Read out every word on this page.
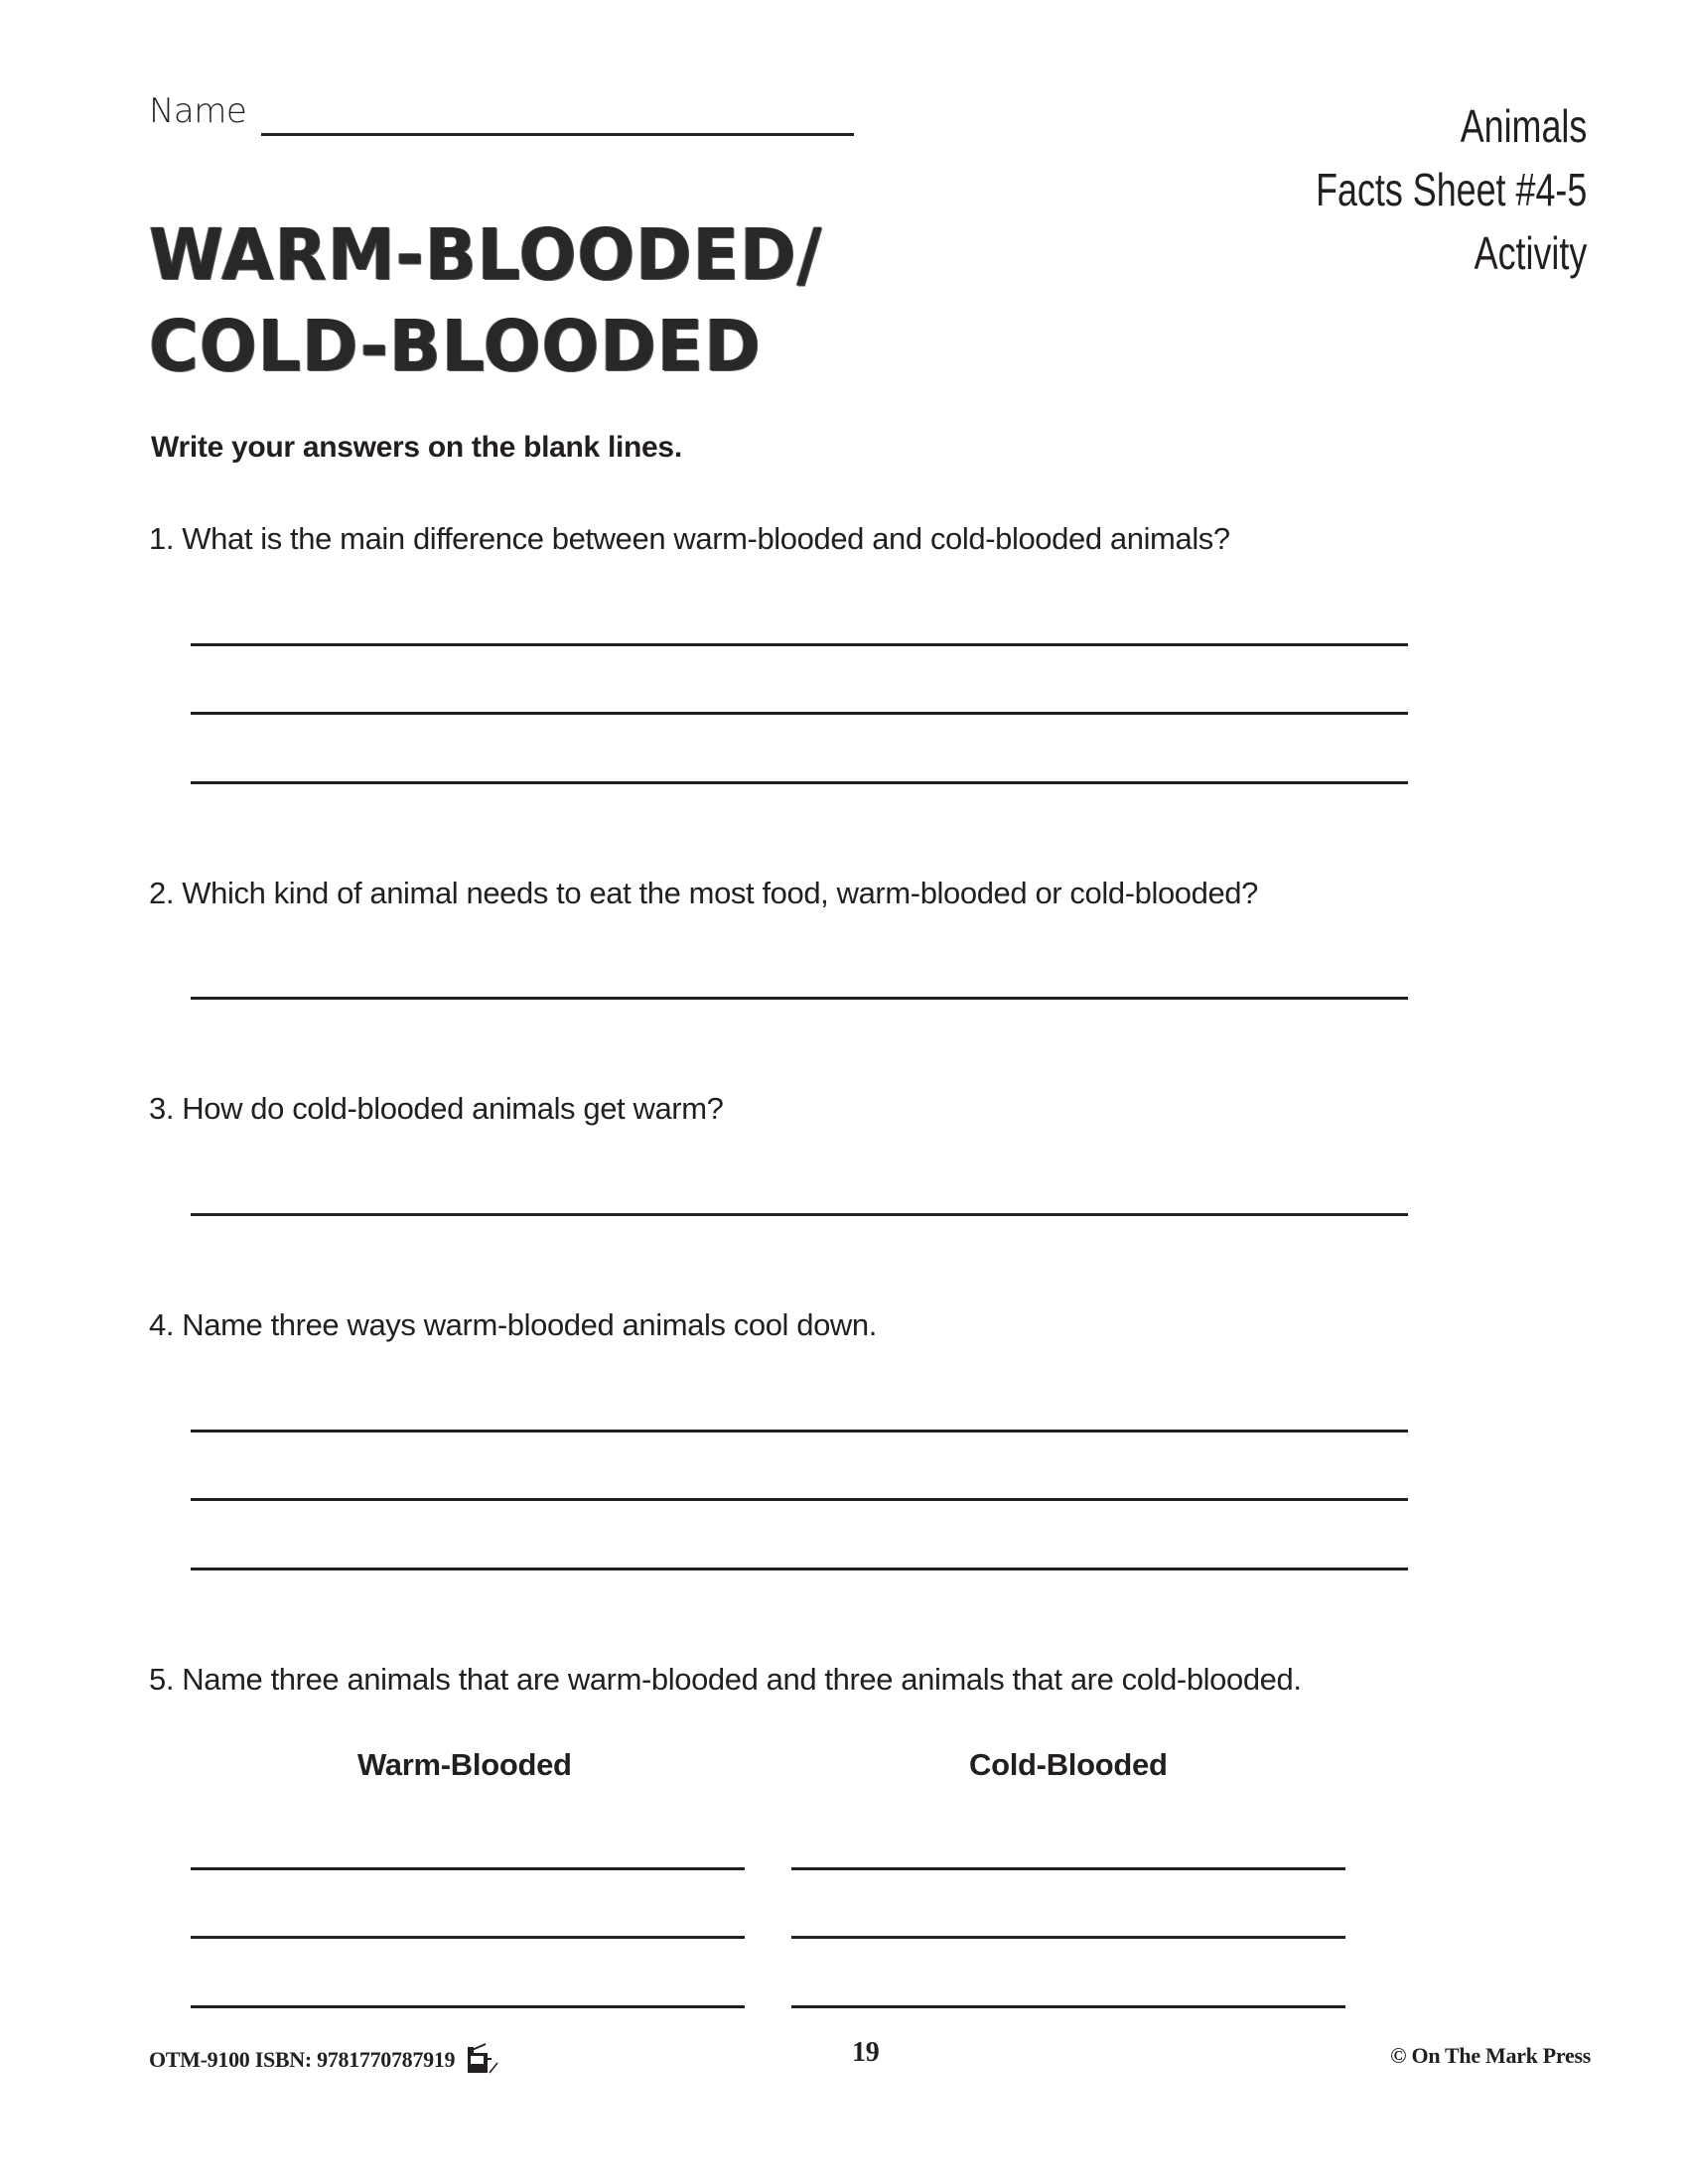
Name
WARM-BLOODED/
COLD-BLOODED
Animals
Facts Sheet #4-5
Activity
Write your answers on the blank lines.
1. What is the main difference between warm-blooded and cold-blooded animals?
2. Which kind of animal needs to eat the most food, warm-blooded or cold-blooded?
3. How do cold-blooded animals get warm?
4. Name three ways warm-blooded animals cool down.
5. Name three animals that are warm-blooded and three animals that are cold-blooded.
Warm-Blooded	Cold-Blooded
OTM-9100 ISBN: 9781770787919	19	© On The Mark Press
